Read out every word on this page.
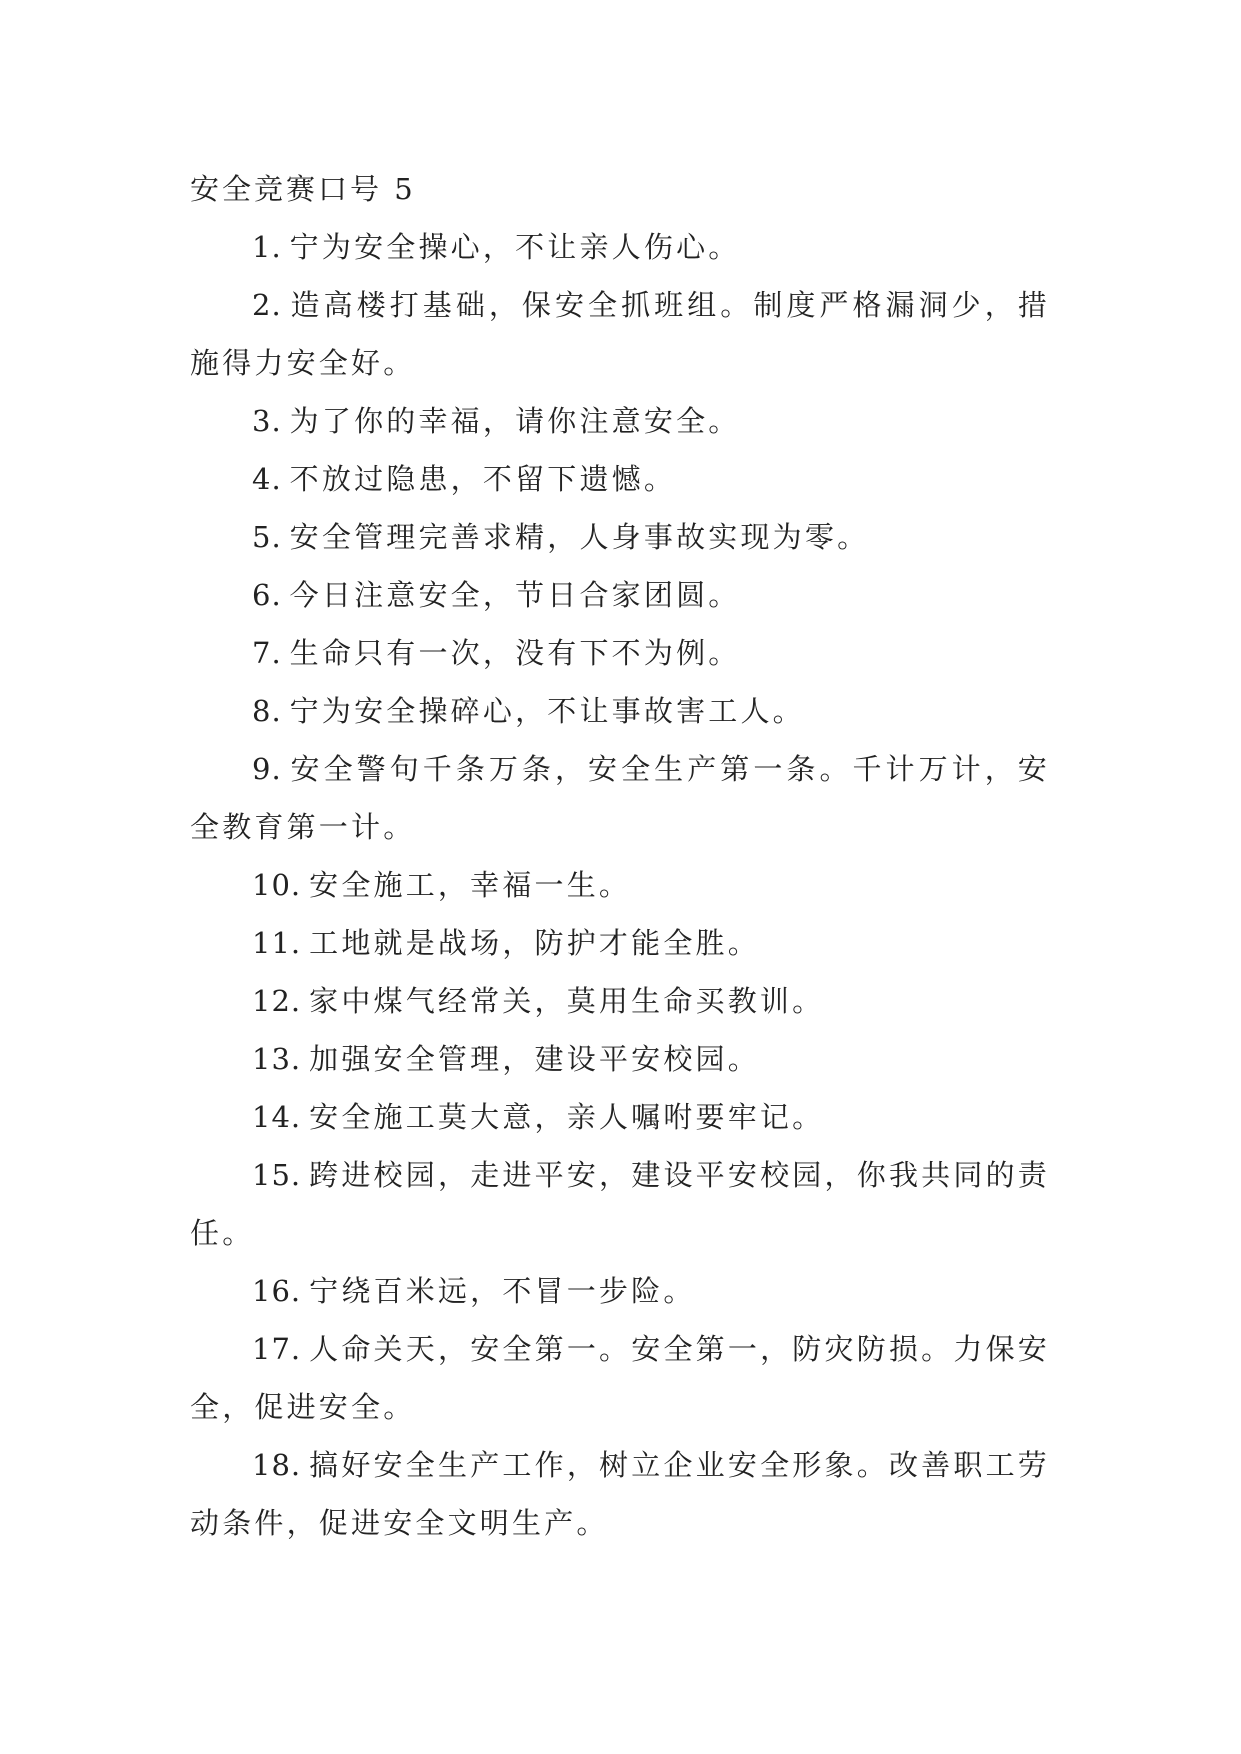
安全竞赛口号 5

1. 宁为安全操心，不让亲人伤心。

2. 造高楼打基础，保安全抓班组。制度严格漏洞少，措施得力安全好。

3. 为了你的幸福，请你注意安全。

4. 不放过隐患，不留下遗憾。

5. 安全管理完善求精，人身事故实现为零。

6. 今日注意安全，节日合家团圆。

7. 生命只有一次，没有下不为例。

8. 宁为安全操碎心，不让事故害工人。

9. 安全警句千条万条，安全生产第一条。千计万计，安全教育第一计。

10. 安全施工，幸福一生。

11. 工地就是战场，防护才能全胜。

12. 家中煤气经常关，莫用生命买教训。

13. 加强安全管理，建设平安校园。

14. 安全施工莫大意，亲人嘱咐要牢记。

15. 跨进校园，走进平安，建设平安校园，你我共同的责任。

16. 宁绕百米远，不冒一步险。

17. 人命关天，安全第一。安全第一，防灾防损。力保安全，促进安全。

18. 搞好安全生产工作，树立企业安全形象。改善职工劳动条件，促进安全文明生产。
